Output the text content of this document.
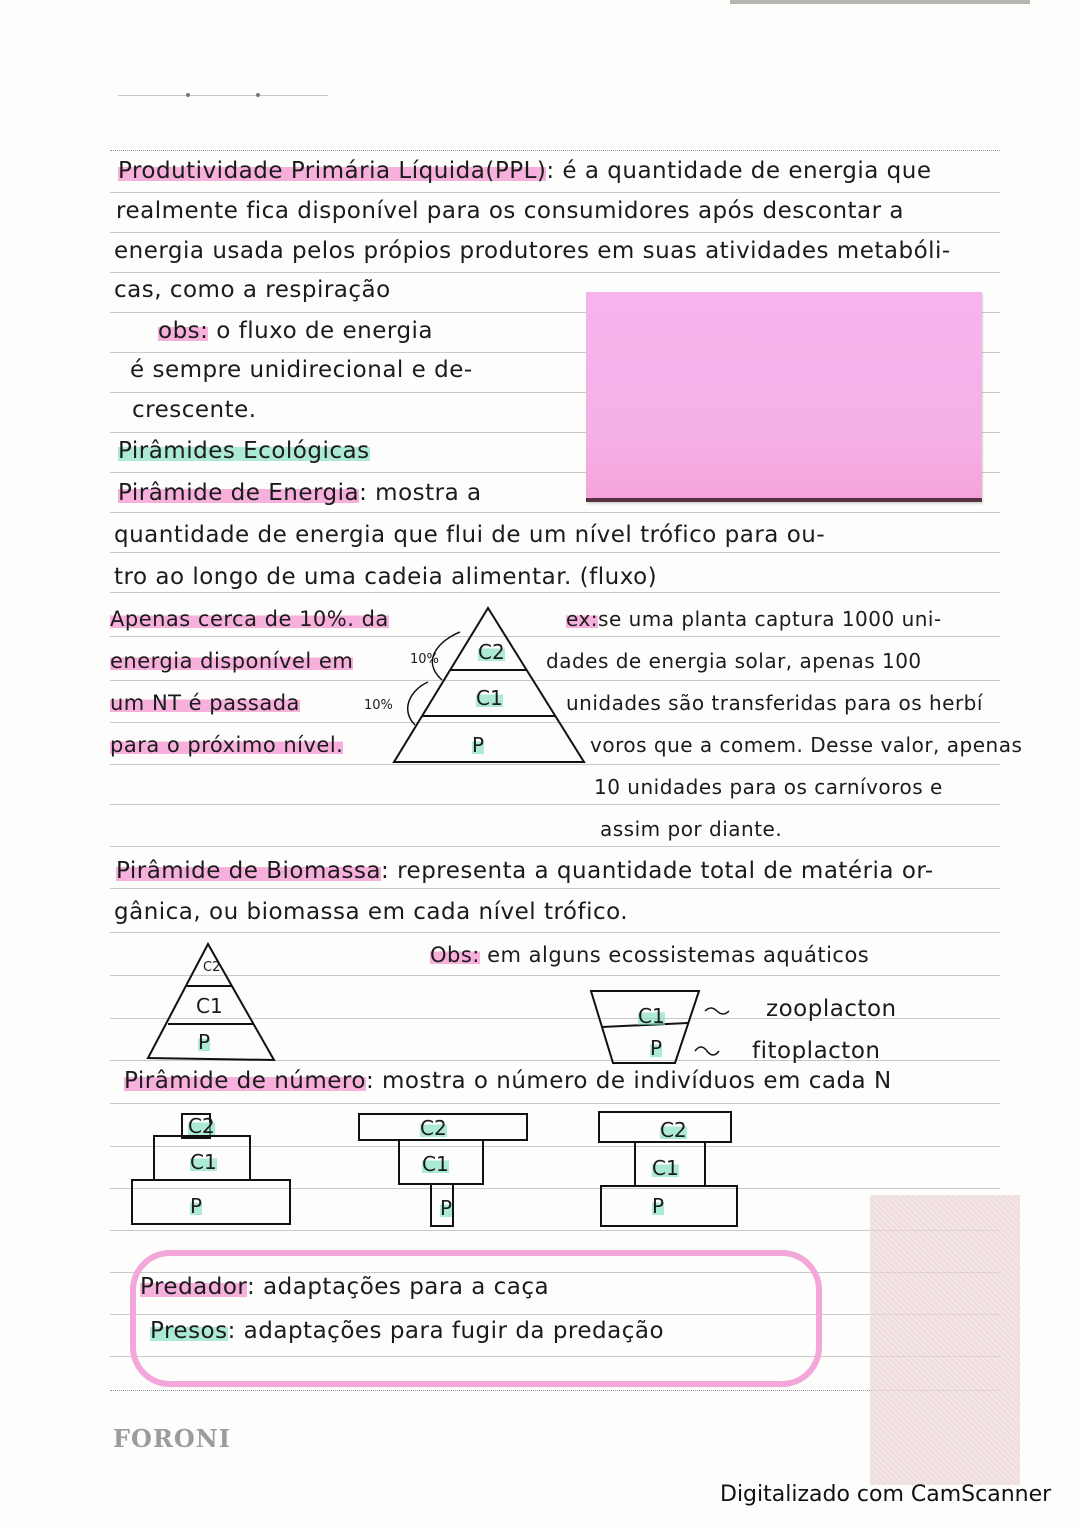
Produtividade Primária Líquida(PPL): é a quantidade de energia que
realmente fica disponível para os consumidores após descontar a
energia usada pelos própios produtores em suas atividades metabóli-
cas, como a respiração
obs: o fluxo de energia
é sempre unidirecional e de-
crescente.
Pirâmides Ecológicas
Pirâmide de Energia: mostra a
quantidade de energia que flui de um nível trófico para ou-
tro ao longo de uma cadeia alimentar. (fluxo)
Apenas cerca de 10%. da
energia disponível em
um NT é passada
para o próximo nível.
10%
10%
C2
C1
P
ex:se uma planta captura 1000 uni-
dades de energia solar, apenas 100
unidades são transferidas para os herbí
voros que a comem. Desse valor, apenas
10 unidades para os carnívoros e
assim por diante.
Pirâmide de Biomassa: representa a quantidade total de matéria or-
gânica, ou biomassa em cada nível trófico.
C2
C1
P
Obs: em alguns ecossistemas aquáticos
C1
P
zooplacton
fitoplacton
Pirâmide de número: mostra o número de indivíduos em cada N
C2
C1
P
C2
C1
P
C2
C1
P
Predador: adaptações para a caça
Presos: adaptações para fugir da predação
FORONI
Digitalizado com CamScanner
